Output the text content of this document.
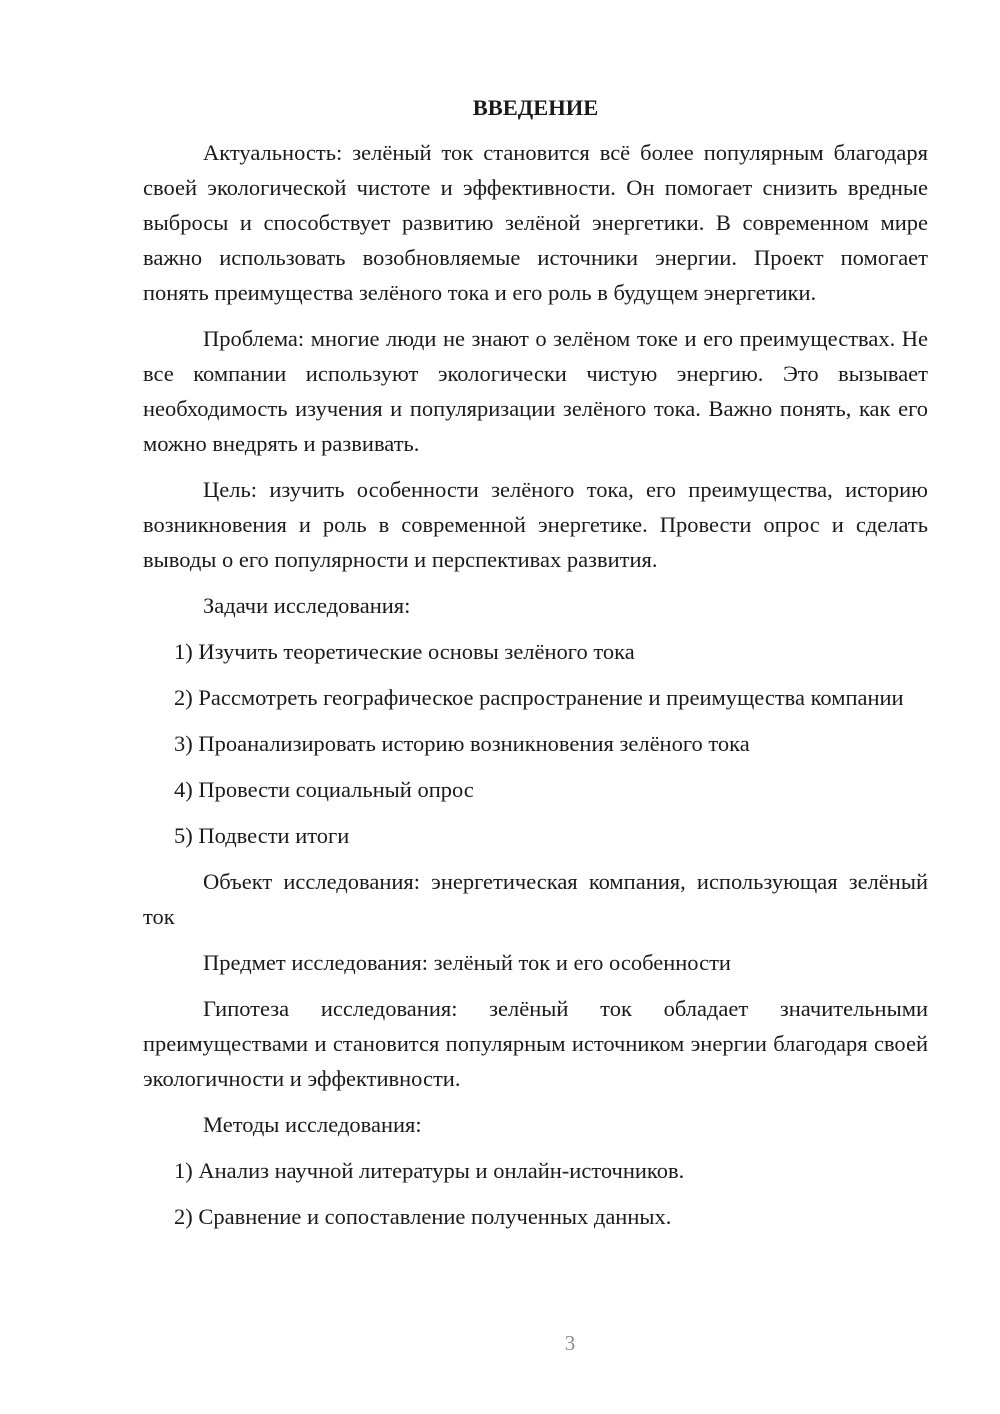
ВВЕДЕНИЕ

Актуальность: зелёный ток становится всё более популярным благодаря своей экологической чистоте и эффективности. Он помогает снизить вредные выбросы и способствует развитию зелёной энергетики. В современном мире важно использовать возобновляемые источники энергии. Проект помогает понять преимущества зелёного тока и его роль в будущем энергетики.

Проблема: многие люди не знают о зелёном токе и его преимуществах. Не все компании используют экологически чистую энергию. Это вызывает необходимость изучения и популяризации зелёного тока. Важно понять, как его можно внедрять и развивать.

Цель: изучить особенности зелёного тока, его преимущества, историю возникновения и роль в современной энергетике. Провести опрос и сделать выводы о его популярности и перспективах развития.

Задачи исследования:

1) Изучить теоретические основы зелёного тока

2) Рассмотреть географическое распространение и преимущества компании

3) Проанализировать историю возникновения зелёного тока

4) Провести социальный опрос

5) Подвести итоги

Объект исследования: энергетическая компания, использующая зелёный ток

Предмет исследования: зелёный ток и его особенности

Гипотеза исследования: зелёный ток обладает значительными преимуществами и становится популярным источником энергии благодаря своей экологичности и эффективности.

Методы исследования:

1) Анализ научной литературы и онлайн-источников.

2) Сравнение и сопоставление полученных данных.

3
